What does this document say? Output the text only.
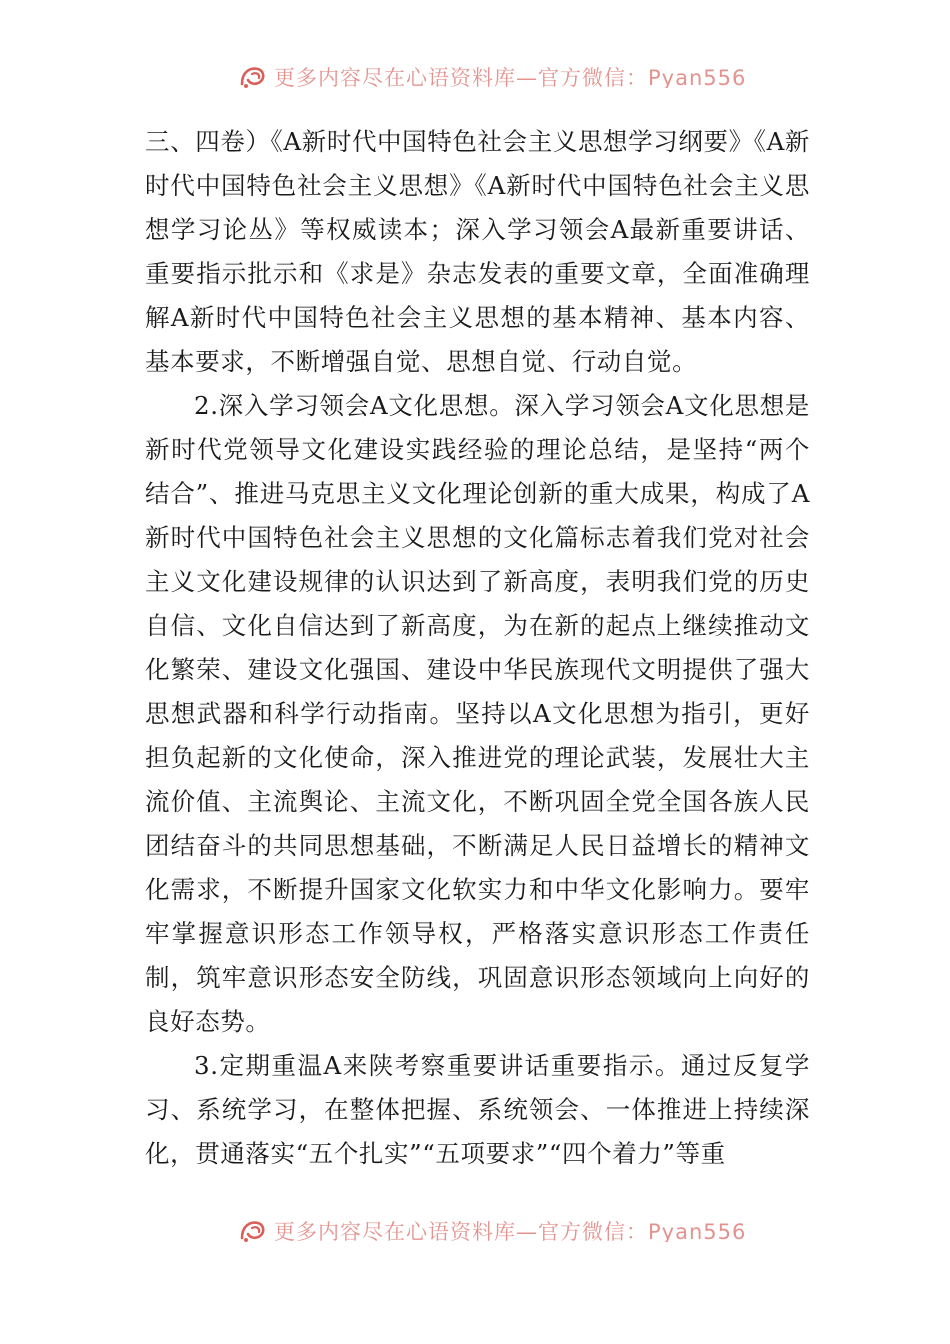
更多内容尽在心语资料库—官方微信：Pyan556

三、四卷）《A新时代中国特色社会主义思想学习纲要》《A新时代中国特色社会主义思想》《A新时代中国特色社会主义思想学习论丛》等权威读本；深入学习领会A最新重要讲话、重要指示批示和《求是》杂志发表的重要文章，全面准确理解A新时代中国特色社会主义思想的基本精神、基本内容、基本要求，不断增强自觉、思想自觉、行动自觉。

2.深入学习领会A文化思想。深入学习领会A文化思想是新时代党领导文化建设实践经验的理论总结，是坚持“两个结合”、推进马克思主义文化理论创新的重大成果，构成了A新时代中国特色社会主义思想的文化篇标志着我们党对社会主义文化建设规律的认识达到了新高度，表明我们党的历史自信、文化自信达到了新高度，为在新的起点上继续推动文化繁荣、建设文化强国、建设中华民族现代文明提供了强大思想武器和科学行动指南。坚持以A文化思想为指引，更好担负起新的文化使命，深入推进党的理论武装，发展壮大主流价值、主流舆论、主流文化，不断巩固全党全国各族人民团结奋斗的共同思想基础，不断满足人民日益增长的精神文化需求，不断提升国家文化软实力和中华文化影响力。要牢牢掌握意识形态工作领导权，严格落实意识形态工作责任制，筑牢意识形态安全防线，巩固意识形态领域向上向好的良好态势。

3.定期重温A来陕考察重要讲话重要指示。通过反复学习、系统学习，在整体把握、系统领会、一体推进上持续深化，贯通落实“五个扎实”“五项要求”“四个着力”等重

更多内容尽在心语资料库—官方微信：Pyan556
